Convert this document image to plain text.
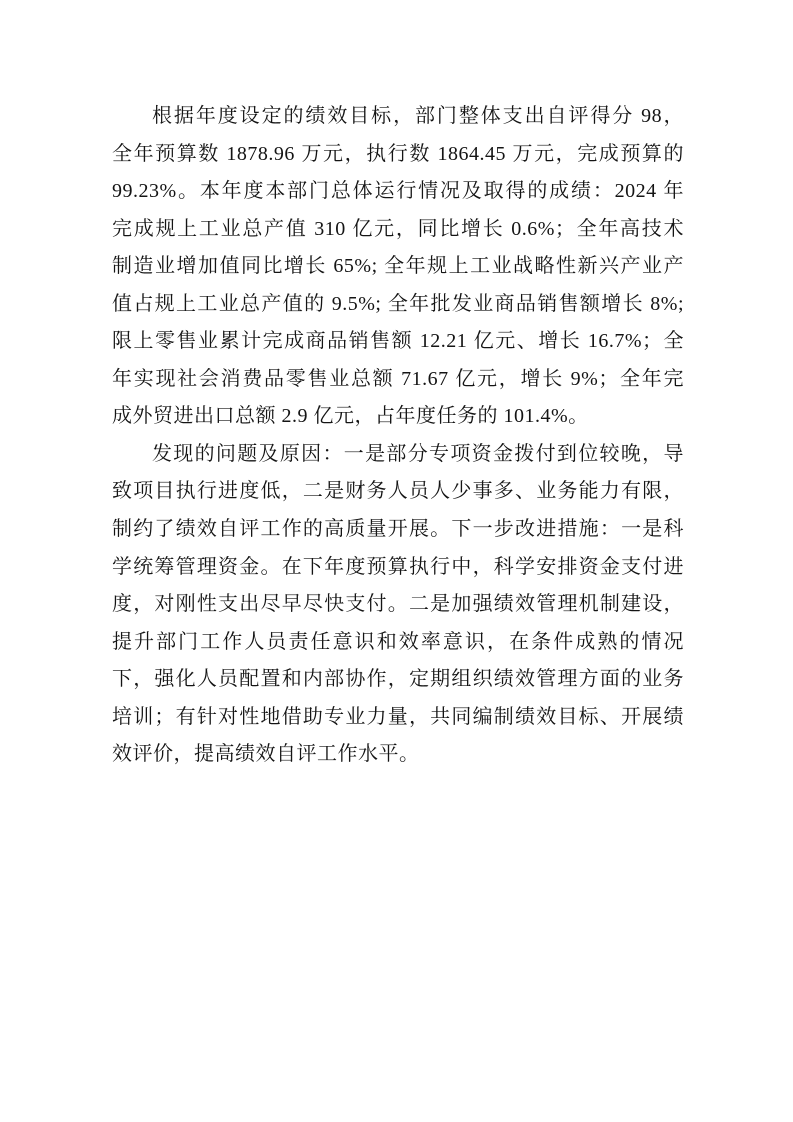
根据年度设定的绩效目标，部门整体支出自评得分 98，

全年预算数 1878.96 万元，执行数 1864.45 万元，完成预算的

99.23%。本年度本部门总体运行情况及取得的成绩：2024 年

完成规上工业总产值 310 亿元，同比增长 0.6%；全年高技术

制造业增加值同比增长 65%; 全年规上工业战略性新兴产业产

值占规上工业总产值的 9.5%; 全年批发业商品销售额增长 8%;

限上零售业累计完成商品销售额 12.21 亿元、增长 16.7%；全

年实现社会消费品零售业总额 71.67 亿元，增长 9%；全年完

成外贸进出口总额 2.9 亿元，占年度任务的 101.4%。

发现的问题及原因：一是部分专项资金拨付到位较晚，导

致项目执行进度低，二是财务人员人少事多、业务能力有限，

制约了绩效自评工作的高质量开展。下一步改进措施：一是科

学统筹管理资金。在下年度预算执行中，科学安排资金支付进

度，对刚性支出尽早尽快支付。二是加强绩效管理机制建设，

提升部门工作人员责任意识和效率意识，在条件成熟的情况

下，强化人员配置和内部协作，定期组织绩效管理方面的业务

培训；有针对性地借助专业力量，共同编制绩效目标、开展绩

效评价，提高绩效自评工作水平。
